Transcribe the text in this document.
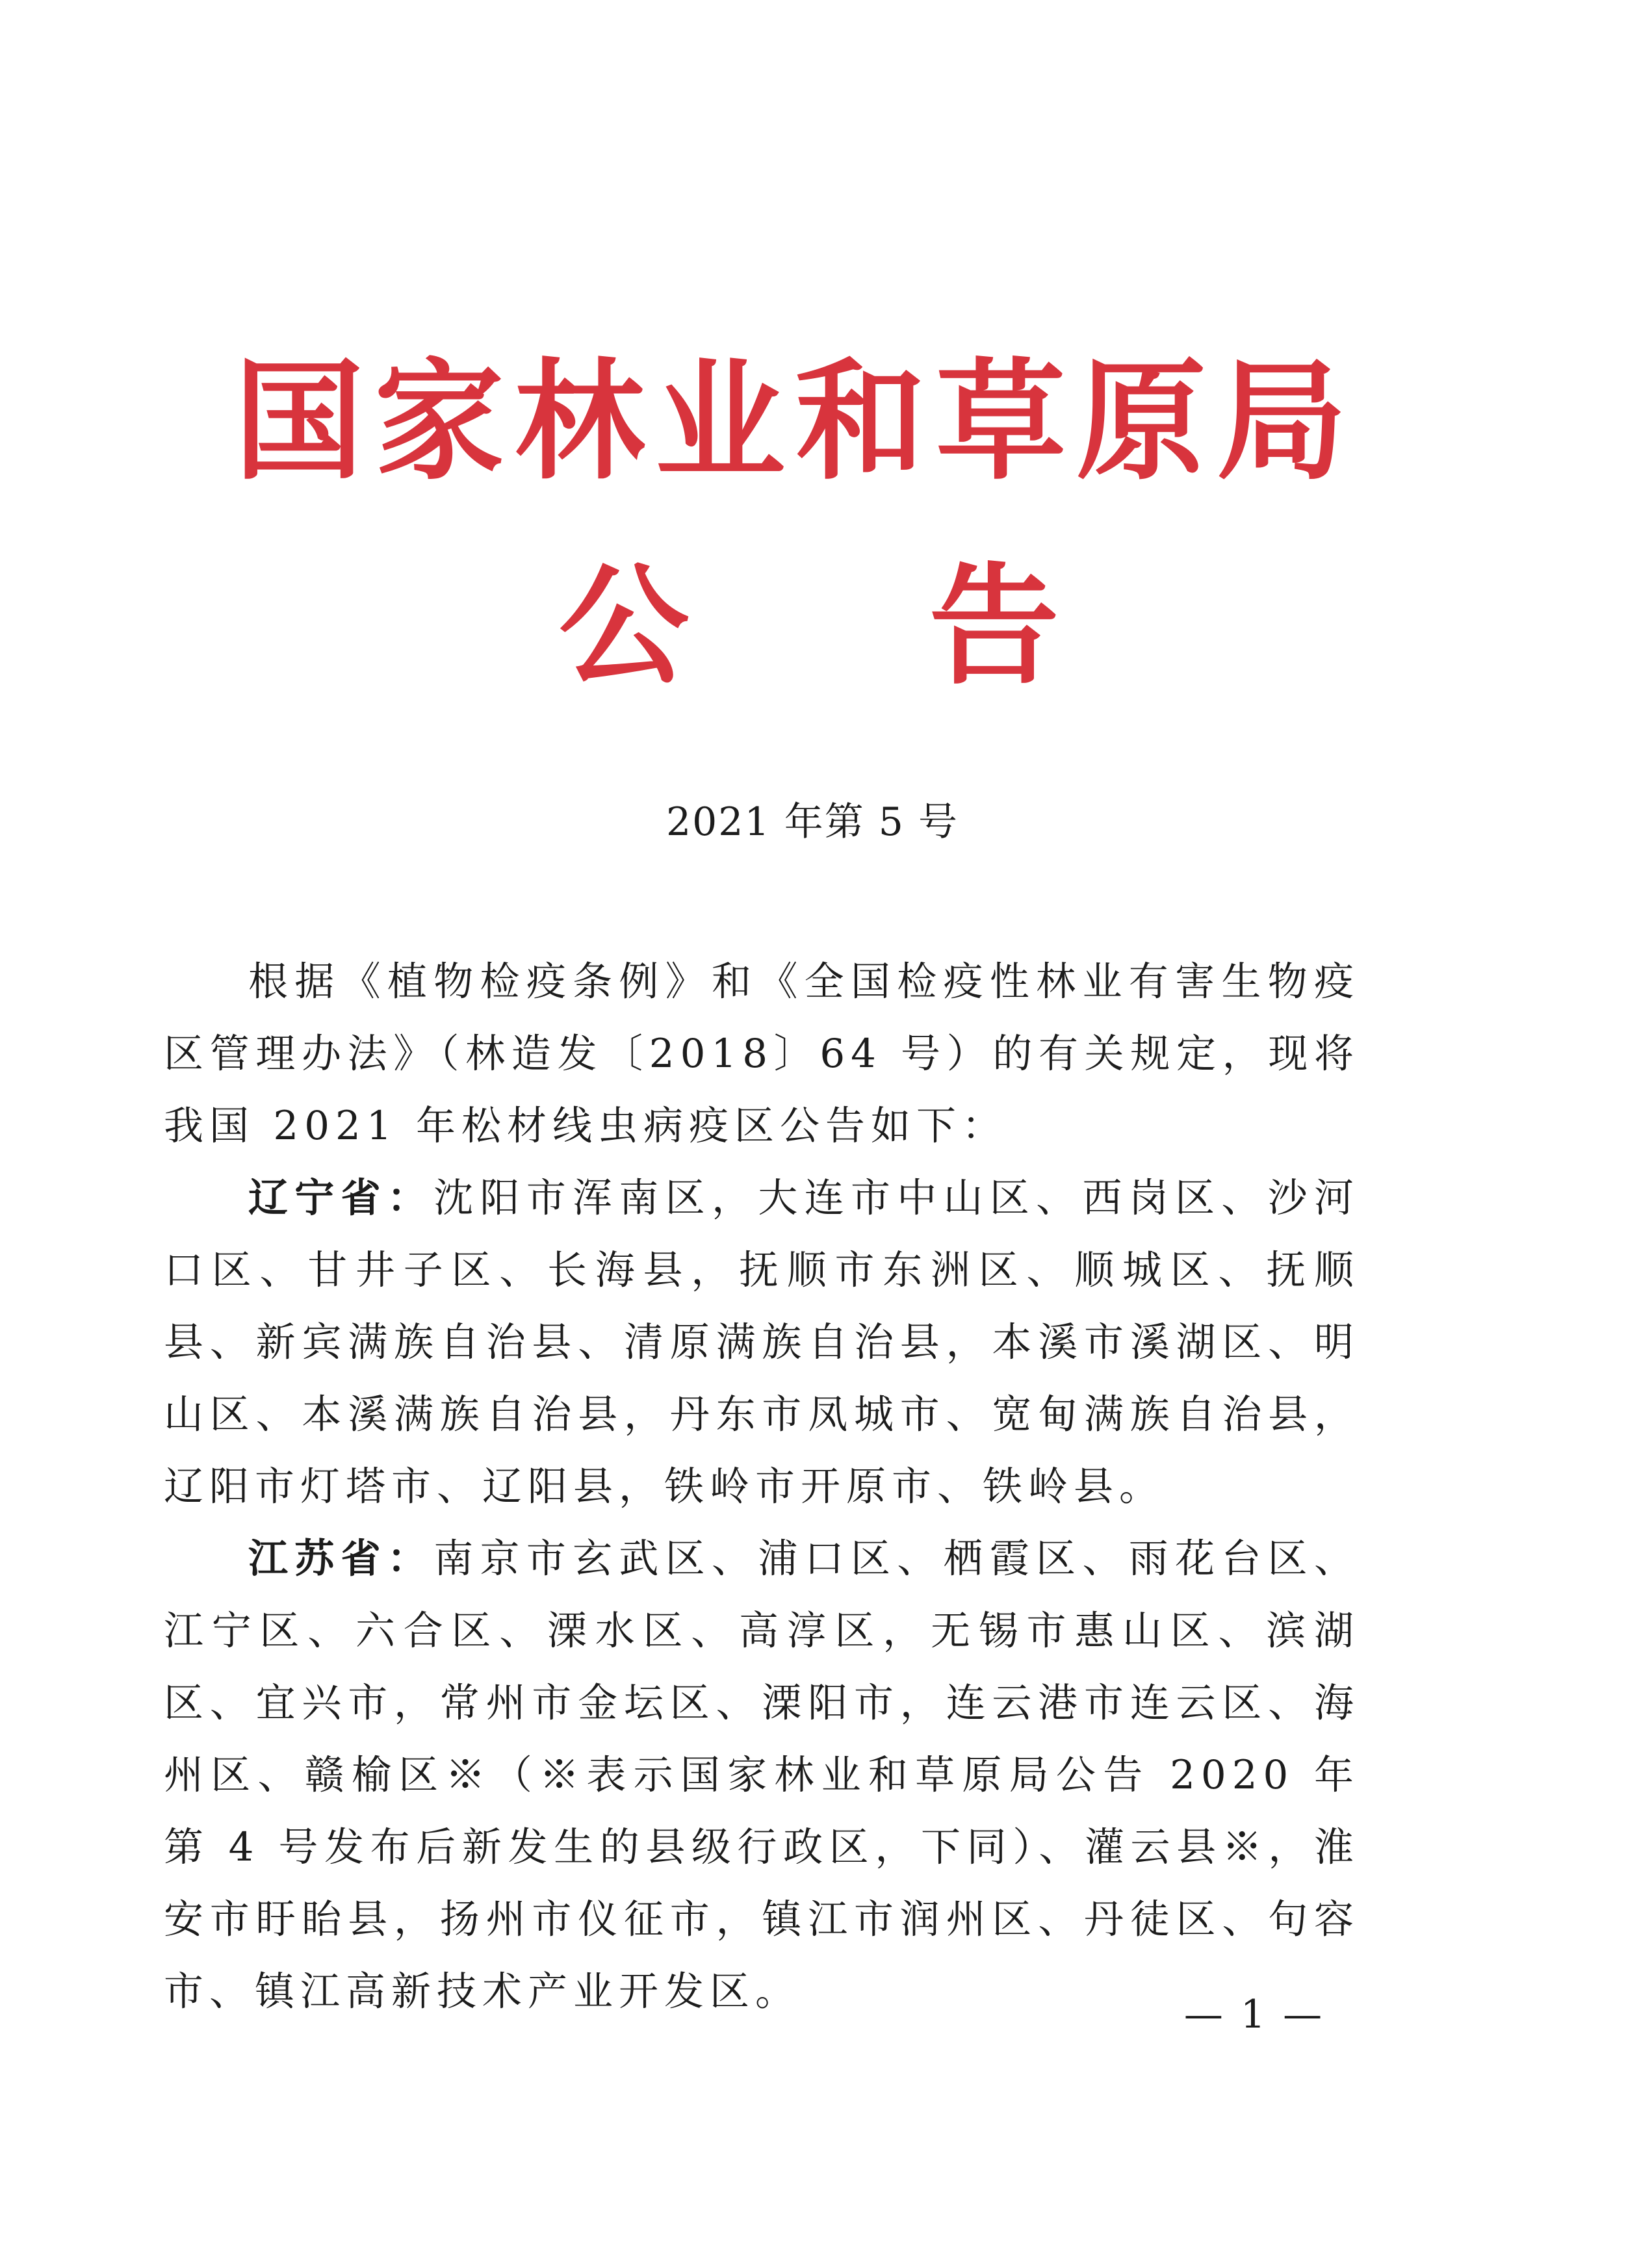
国家林业和草原局
公 告
2021 年第 5 号

根据《植物检疫条例》和《全国检疫性林业有害生物疫区管理办法》（林造发〔2018〕64 号）的有关规定，现将我国 2021 年松材线虫病疫区公告如下：

辽宁省：沈阳市浑南区，大连市中山区、西岗区、沙河口区、甘井子区、长海县，抚顺市东洲区、顺城区、抚顺县、新宾满族自治县、清原满族自治县，本溪市溪湖区、明山区、本溪满族自治县，丹东市凤城市、宽甸满族自治县，辽阳市灯塔市、辽阳县，铁岭市开原市、铁岭县。

江苏省：南京市玄武区、浦口区、栖霞区、雨花台区、江宁区、六合区、溧水区、高淳区，无锡市惠山区、滨湖区、宜兴市，常州市金坛区、溧阳市，连云港市连云区、海州区、赣榆区※（※表示国家林业和草原局公告 2020 年第 4 号发布后新发生的县级行政区，下同）、灌云县※，淮安市盱眙县，扬州市仪征市，镇江市润州区、丹徒区、句容市、镇江高新技术产业开发区。	— 1 —
